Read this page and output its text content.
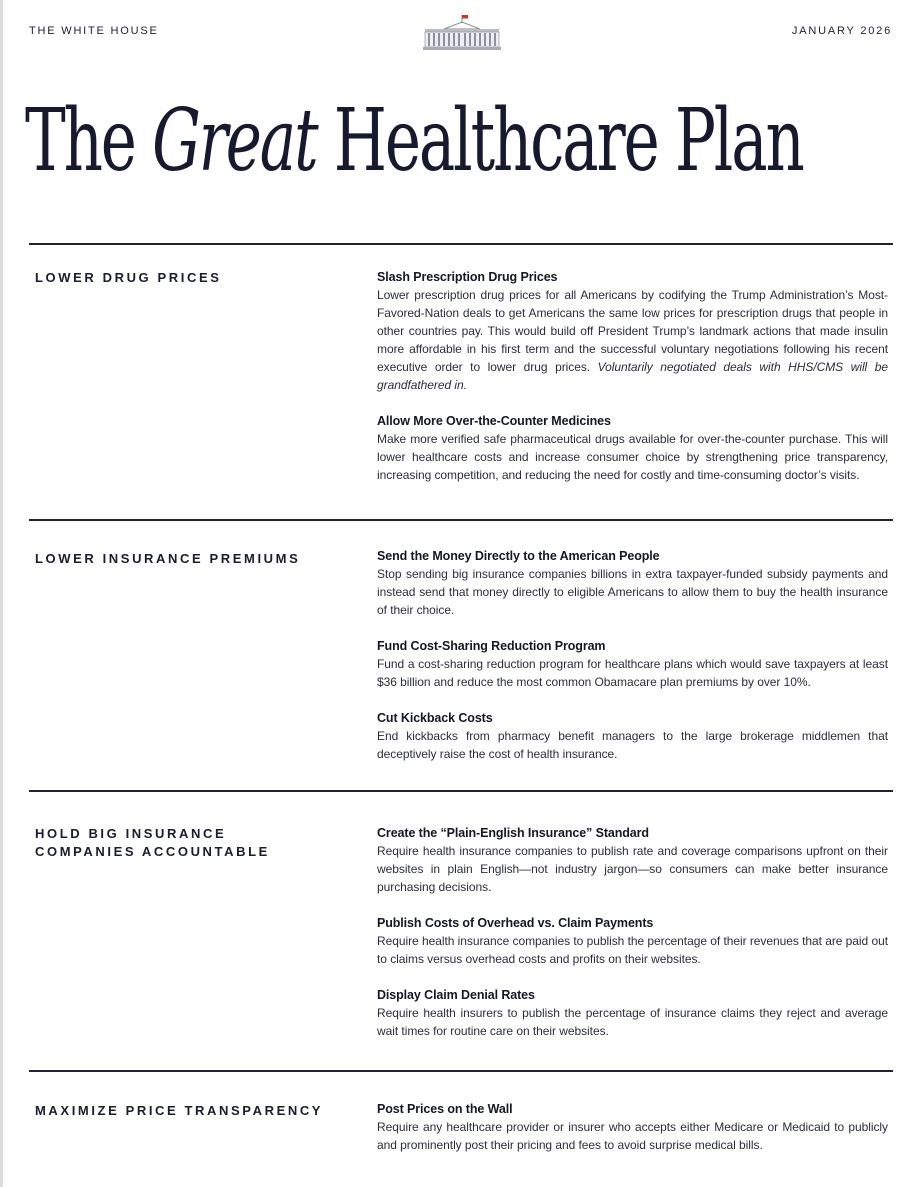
THE WHITE HOUSE	JANUARY 2026
The Great Healthcare Plan
LOWER DRUG PRICES	Slash Prescription Drug Prices

Lower prescription drug prices for all Americans by codifying the Trump Administration’s Most-Favored-Nation deals to get Americans the same low prices for prescription drugs that people in other countries pay. This would build off President Trump’s landmark actions that made insulin more affordable in his first term and the successful voluntary negotiations following his recent executive order to lower drug prices. Voluntarily negotiated deals with HHS/CMS will be grandfathered in.

Allow More Over-the-Counter Medicines

Make more verified safe pharmaceutical drugs available for over-the-counter purchase. This will lower healthcare costs and increase consumer choice by strengthening price transparency, increasing competition, and reducing the need for costly and time-consuming doctor’s visits.

LOWER INSURANCE PREMIUMS	Send the Money Directly to the American People

Stop sending big insurance companies billions in extra taxpayer-funded subsidy payments and instead send that money directly to eligible Americans to allow them to buy the health insurance of their choice.

Fund Cost-Sharing Reduction Program

Fund a cost-sharing reduction program for healthcare plans which would save taxpayers at least $36 billion and reduce the most common Obamacare plan premiums by over 10%.

Cut Kickback Costs

End kickbacks from pharmacy benefit managers to the large brokerage middlemen that deceptively raise the cost of health insurance.

HOLD BIG INSURANCE COMPANIES ACCOUNTABLE

Create the “Plain-English Insurance” Standard

Require health insurance companies to publish rate and coverage comparisons upfront on their websites in plain English—not industry jargon—so consumers can make better insurance purchasing decisions.

Publish Costs of Overhead vs. Claim Payments

Require health insurance companies to publish the percentage of their revenues that are paid out to claims versus overhead costs and profits on their websites.

Display Claim Denial Rates

Require health insurers to publish the percentage of insurance claims they reject and average wait times for routine care on their websites.

MAXIMIZE PRICE TRANSPARENCY	Post Prices on the Wall

Require any healthcare provider or insurer who accepts either Medicare or Medicaid to publicly and prominently post their pricing and fees to avoid surprise medical bills.
